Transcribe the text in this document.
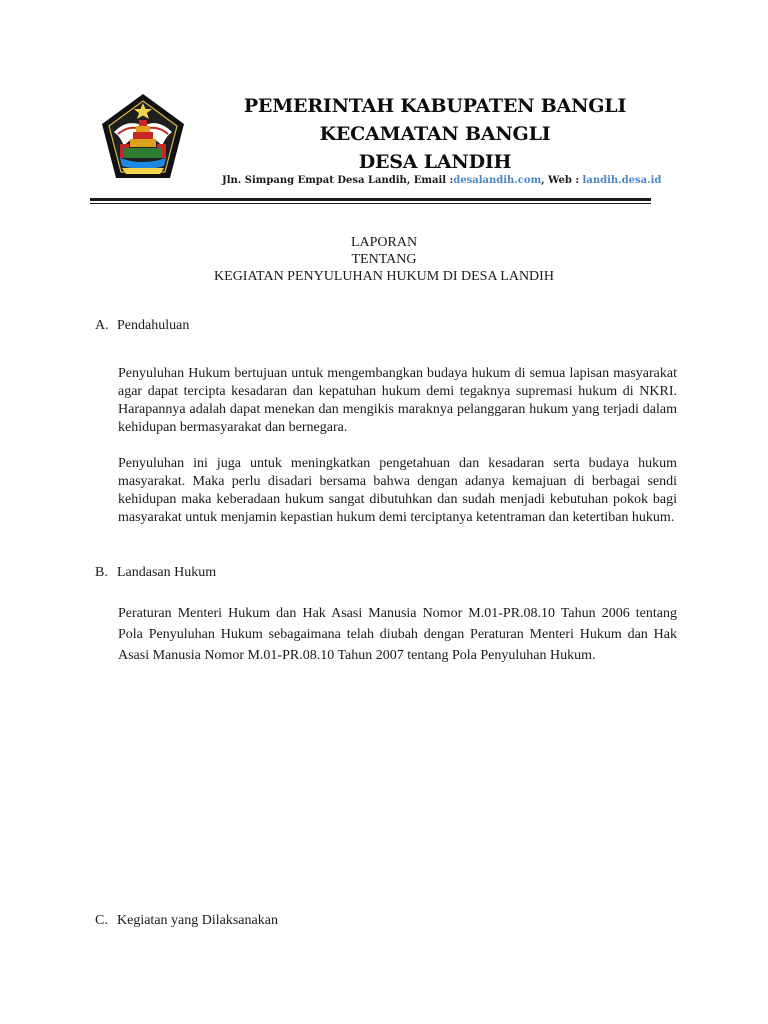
PEMERINTAH KABUPATEN BANGLI
KECAMATAN BANGLI
DESA LANDIH
Jln. Simpang Empat Desa Landih, Email :desalandih.com, Web : landih.desa.id
LAPORAN
TENTANG
KEGIATAN PENYULUHAN HUKUM DI DESA LANDIH
A. Pendahuluan
Penyuluhan Hukum bertujuan untuk mengembangkan budaya hukum di semua lapisan masyarakat agar dapat tercipta kesadaran dan kepatuhan hukum demi tegaknya supremasi hukum di NKRI. Harapannya adalah dapat menekan dan mengikis maraknya pelanggaran hukum yang terjadi dalam kehidupan bermasyarakat dan bernegara.
Penyuluhan ini juga untuk meningkatkan pengetahuan dan kesadaran serta budaya hukum masyarakat. Maka perlu disadari bersama bahwa dengan adanya kemajuan di berbagai sendi kehidupan maka keberadaan hukum sangat dibutuhkan dan sudah menjadi kebutuhan pokok bagi masyarakat untuk menjamin kepastian hukum demi terciptanya ketentraman dan ketertiban hukum.
B. Landasan Hukum
Peraturan Menteri Hukum dan Hak Asasi Manusia Nomor M.01-PR.08.10 Tahun 2006 tentang Pola Penyuluhan Hukum sebagaimana telah diubah dengan Peraturan Menteri Hukum dan Hak Asasi Manusia Nomor M.01-PR.08.10 Tahun 2007 tentang Pola Penyuluhan Hukum.
C. Kegiatan yang Dilaksanakan
